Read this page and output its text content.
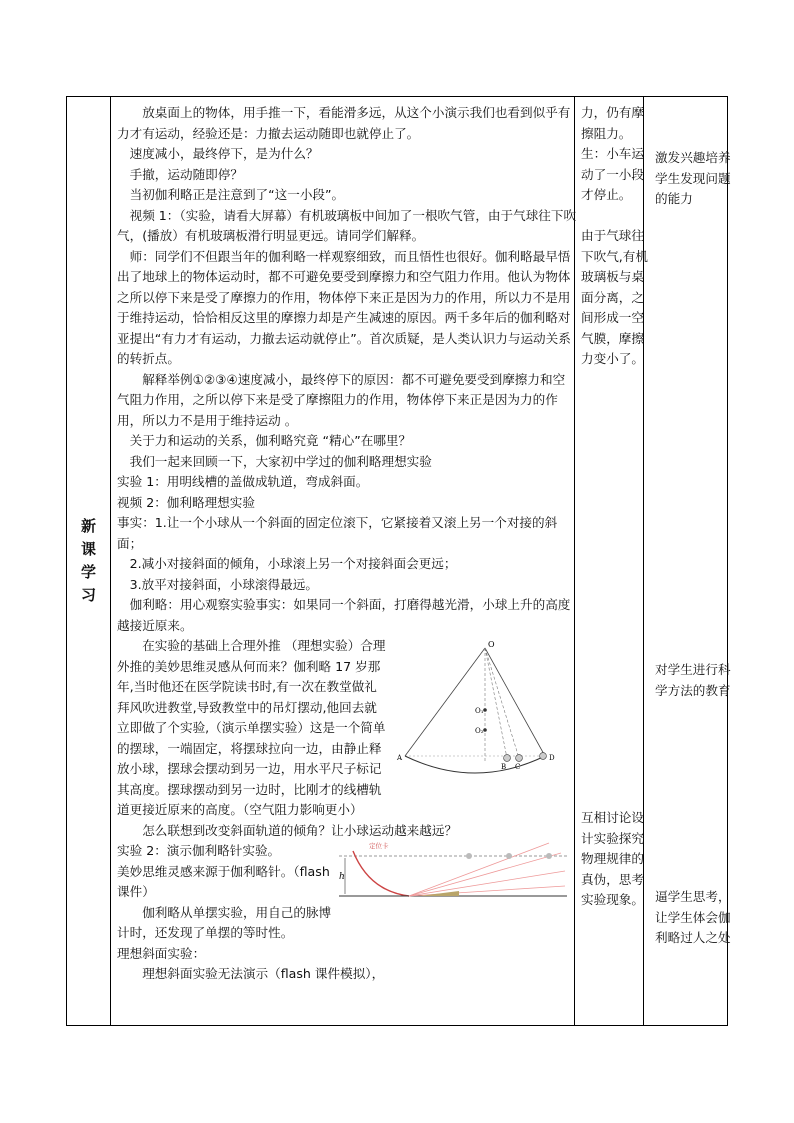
新
课
学
习

放桌面上的物体，用手推一下，看能滑多远，从这个小演示我们也看到似乎有力才有运动，经验还是：力撤去运动随即也就停止了。

速度减小，最终停下，是为什么？

手撤，运动随即停？

当初伽利略正是注意到了“这一小段”。

视频 1：（实验，请看大屏幕）有机玻璃板中间加了一根吹气管，由于气球往下吹气，(播放）有机玻璃板滑行明显更远。请同学们解释。

师：同学们不但跟当年的伽利略一样观察细致，而且悟性也很好。伽利略最早悟出了地球上的物体运动时，都不可避免要受到摩擦力和空气阻力作用。他认为物体之所以停下来是受了摩擦力的作用，物体停下来正是因为力的作用，所以力不是用于维持运动，恰恰相反这里的摩擦力却是产生减速的原因。两千多年后的伽利略对亚提出“有力才有运动，力撤去运动就停止”。首次质疑，是人类认识力与运动关系的转折点。

解释举例①②③④速度减小，最终停下的原因：都不可避免要受到摩擦力和空气阻力作用，之所以停下来是受了摩擦阻力的作用，物体停下来正是因为力的作用，所以力不是用于维持运动 。

关于力和运动的关系，伽利略究竟 “精心”在哪里？

我们一起来回顾一下，大家初中学过的伽利略理想实验

实验 1：用明线槽的盖做成轨道，弯成斜面。

视频 2：伽利略理想实验

事实：1.让一个小球从一个斜面的固定位滚下，它紧接着又滚上另一个对接的斜面；

2.减小对接斜面的倾角，小球滚上另一个对接斜面会更远；

3.放平对接斜面，小球滚得最远。

伽利略：用心观察实验事实：如果同一个斜面，打磨得越光滑，小球上升的高度越接近原来。

O
O₁
O₂
A
B C
D

在实验的基础上合理外推 （理想实验）合理外推的美妙思维灵感从何而来？伽利略 17 岁那年,当时他还在医学院读书时,有一次在教堂做礼拜风吹进教堂,导致教堂中的吊灯摆动,他回去就立即做了个实验,（演示单摆实验）这是一个简单的摆球，一端固定，将摆球拉向一边，由静止释放小球，摆球会摆动到另一边，用水平尺子标记其高度。摆球摆动到另一边时，比刚才的线槽轨道更接近原来的高度。（空气阻力影响更小）

怎么联想到改变斜面轨道的倾角？让小球运动越来越远？

定位卡
h

实验 2：演示伽利略针实验。

美妙思维灵感来源于伽利略针。（flash 课件）

伽利略从单摆实验，用自己的脉博计时，还发现了单摆的等时性。

理想斜面实验：

理想斜面实验无法演示（flash 课件模拟），

力，仍有摩擦阻力。
生：小车运动了一小段才停止。
由于气球往下吹气,有机玻璃板与桌面分离，之间形成一空气膜，摩擦力变小了。
互相讨论设计实验探究物理规律的真伪，思考实验现象。
激发兴趣培养学生发现问题的能力
对学生进行科学方法的教育
逼学生思考，让学生体会伽利略过人之处
